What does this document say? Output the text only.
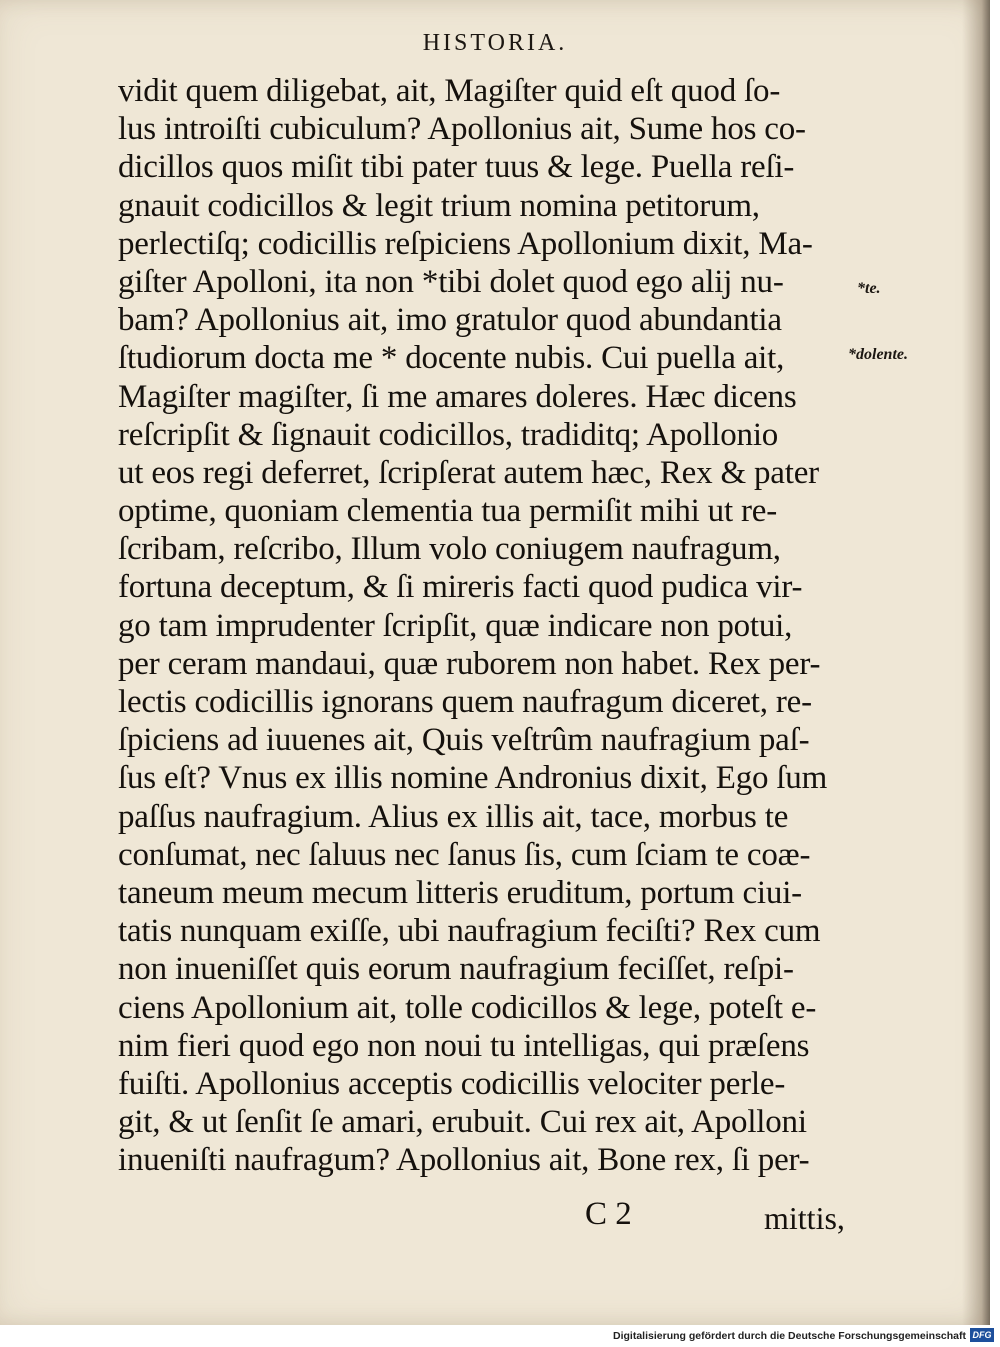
HISTORIA.
vidit quem diligebat, ait, Magiſter quid eſt quod ſo-
lus introiſti cubiculum? Apollonius ait, Sume hos co-
dicillos quos miſit tibi pater tuus & lege. Puella reſi-
gnauit codicillos & legit trium nomina petitorum,
perlectiſq; codicillis reſpiciens Apollonium dixit, Ma-
giſter Apolloni, ita non *tibi dolet quod ego alij nu-
bam? Apollonius ait, imo gratulor quod abundantia
ſtudiorum docta me * docente nubis. Cui puella ait,
Magiſter magiſter, ſi me amares doleres. Hæc dicens
reſcripſit & ſignauit codicillos, tradiditq; Apollonio
ut eos regi deferret, ſcripſerat autem hæc, Rex & pater
optime, quoniam clementia tua permiſit mihi ut re-
ſcribam, reſcribo, Illum volo coniugem naufragum,
fortuna deceptum, & ſi mireris facti quod pudica vir-
go tam imprudenter ſcripſit, quæ indicare non potui,
per ceram mandaui, quæ ruborem non habet. Rex per-
lectis codicillis ignorans quem naufragum diceret, re-
ſpiciens ad iuuenes ait, Quis veſtrûm naufragium paſ-
ſus eſt? Vnus ex illis nomine Andronius dixit, Ego ſum
paſſus naufragium. Alius ex illis ait, tace, morbus te
conſumat, nec ſaluus nec ſanus ſis, cum ſciam te coæ-
taneum meum mecum litteris eruditum, portum ciui-
tatis nunquam exiſſe, ubi naufragium feciſti? Rex cum
non inueniſſet quis eorum naufragium feciſſet, reſpi-
ciens Apollonium ait, tolle codicillos & lege, poteſt e-
nim fieri quod ego non noui tu intelligas, qui præſens
fuiſti. Apollonius acceptis codicillis velociter perle-
git, & ut ſenſit ſe amari, erubuit. Cui rex ait, Apolloni
inueniſti naufragum? Apollonius ait, Bone rex, ſi per-
*te.
*dolente.
C 2	mittis,
Digitalisierung gefördert durch die Deutsche Forschungsgemeinschaft DFG
